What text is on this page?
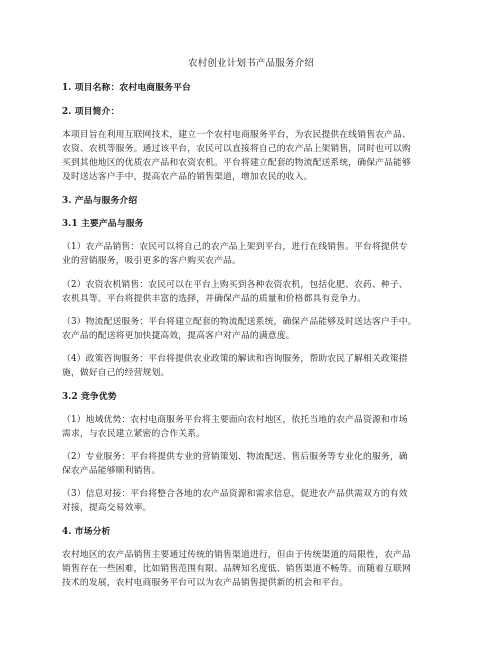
农村创业计划书产品服务介绍
1. 项目名称：农村电商服务平台
2. 项目简介：
本项目旨在利用互联网技术，建立一个农村电商服务平台，为农民提供在线销售农产品、
农资、农机等服务。通过该平台，农民可以直接将自己的农产品上架销售，同时也可以购
买到其他地区的优质农产品和农资农机。平台将建立配套的物流配送系统，确保产品能够
及时送达客户手中，提高农产品的销售渠道，增加农民的收入。
3. 产品与服务介绍
3.1 主要产品与服务
（1）农产品销售：农民可以将自己的农产品上架到平台，进行在线销售。平台将提供专
业的营销服务，吸引更多的客户购买农产品。
（2）农资农机销售：农民可以在平台上购买到各种农资农机，包括化肥、农药、种子、
农机具等。平台将提供丰富的选择，并确保产品的质量和价格都具有竞争力。
（3）物流配送服务：平台将建立配套的物流配送系统，确保产品能够及时送达客户手中。
农产品的配送将更加快捷高效，提高客户对产品的满意度。
（4）政策咨询服务：平台将提供农业政策的解读和咨询服务，帮助农民了解相关政策措
施，做好自己的经营规划。
3.2 竞争优势
（1）地域优势：农村电商服务平台将主要面向农村地区，依托当地的农产品资源和市场
需求，与农民建立紧密的合作关系。
（2）专业服务：平台将提供专业的营销策划、物流配送、售后服务等专业化的服务，确
保农产品能够顺利销售。
（3）信息对接：平台将整合各地的农产品资源和需求信息，促进农产品供需双方的有效
对接，提高交易效率。
4. 市场分析
农村地区的农产品销售主要通过传统的销售渠道进行，但由于传统渠道的局限性，农产品
销售存在一些困难，比如销售范围有限、品牌知名度低、销售渠道不畅等。而随着互联网
技术的发展，农村电商服务平台可以为农产品销售提供新的机会和平台。
